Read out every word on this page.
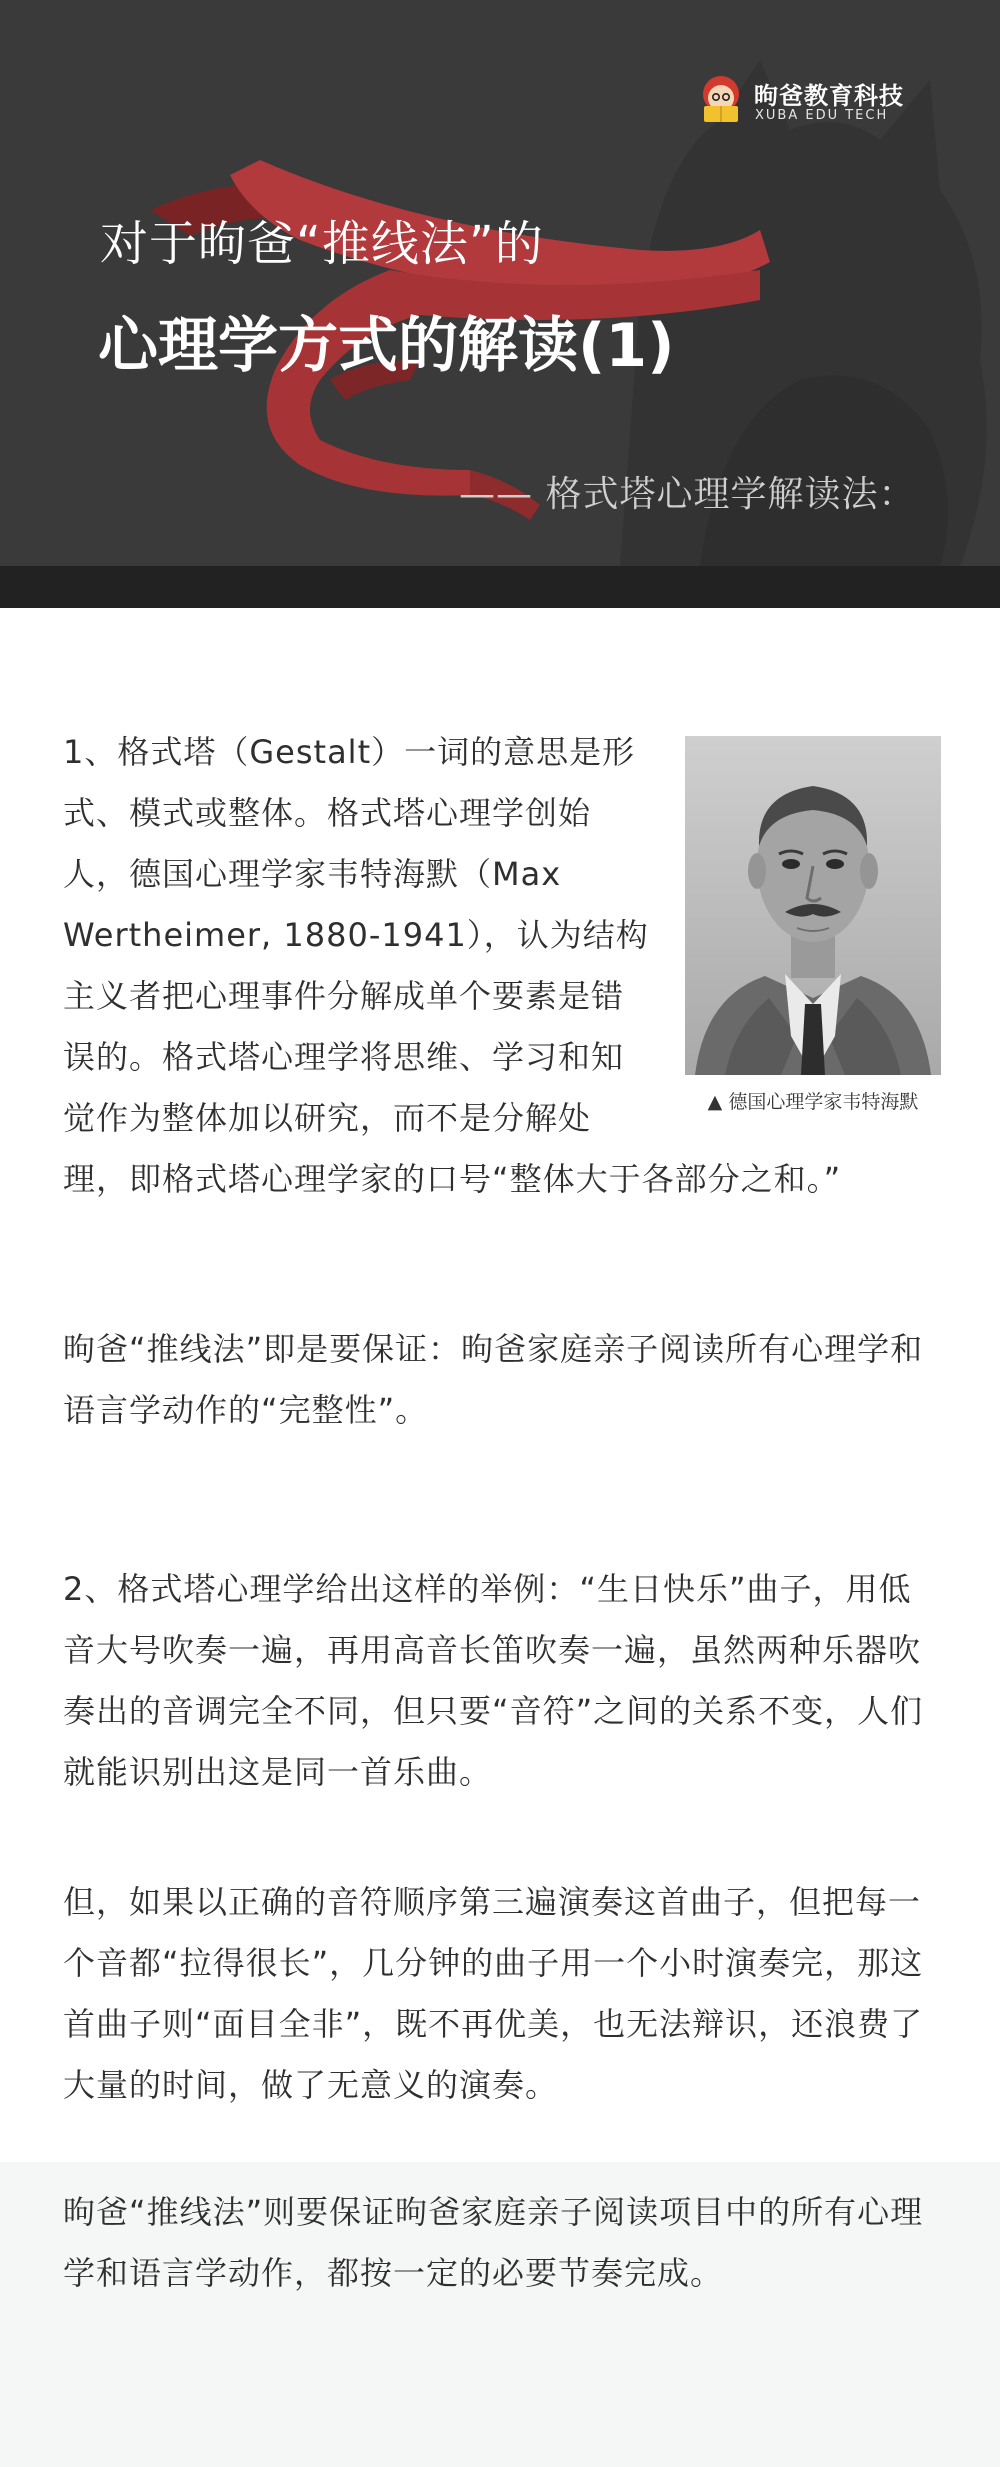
昫爸教育科技
XUBA EDU TECH
对于昫爸“推线法”的
心理学方式的解读(1)
—— 格式塔心理学解读法：
▲ 德国心理学家韦特海默
1、格式塔（Gestalt）一词的意思是形式、模式或整体。格式塔心理学创始人，德国心理学家韦特海默（Max Wertheimer, 1880-1941），认为结构主义者把心理事件分解成单个要素是错误的。格式塔心理学将思维、学习和知觉作为整体加以研究，而不是分解处理，即格式塔心理学家的口号“整体大于各部分之和。”
昫爸“推线法”即是要保证：昫爸家庭亲子阅读所有心理学和语言学动作的“完整性”。
2、格式塔心理学给出这样的举例：“生日快乐”曲子，用低音大号吹奏一遍，再用高音长笛吹奏一遍，虽然两种乐器吹奏出的音调完全不同，但只要“音符”之间的关系不变，人们就能识别出这是同一首乐曲。
但，如果以正确的音符顺序第三遍演奏这首曲子，但把每一个音都“拉得很长”，几分钟的曲子用一个小时演奏完，那这首曲子则“面目全非”，既不再优美，也无法辩识，还浪费了大量的时间，做了无意义的演奏。
昫爸“推线法”则要保证昫爸家庭亲子阅读项目中的所有心理学和语言学动作，都按一定的必要节奏完成。
